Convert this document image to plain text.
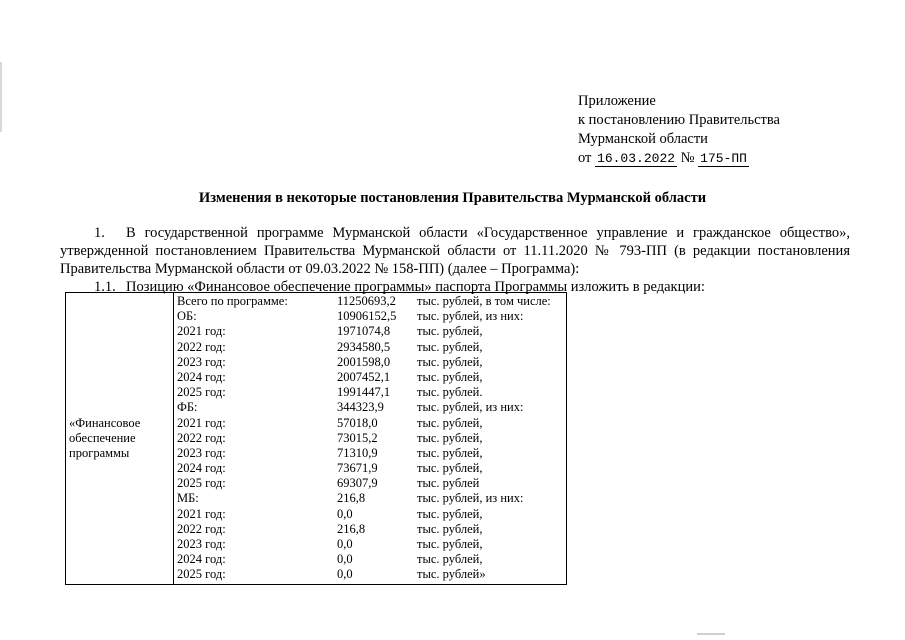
Приложение
к постановлению Правительства
Мурманской области
от 16.03.2022 № 175-ПП
Изменения в некоторые постановления Правительства Мурманской области
1. В государственной программе Мурманской области «Государственное управление и гражданское общество»,
утвержденной постановлением Правительства Мурманской области от 11.11.2020 № 793-ПП (в редакции постановления
Правительства Мурманской области от 09.03.2022 № 158-ПП) (далее – Программа):
1.1. Позицию «Финансовое обеспечение программы» паспорта Программы изложить в редакции:
«Финансовое
обеспечение
программы

Всего по программе:	11250693,2	тыс. рублей, в том числе:
ОБ:	10906152,5	тыс. рублей, из них:
2021 год:	1971074,8	тыс. рублей,
2022 год:	2934580,5	тыс. рублей,
2023 год:	2001598,0	тыс. рублей,
2024 год:	2007452,1	тыс. рублей,
2025 год:	1991447,1	тыс. рублей.
ФБ:	344323,9	тыс. рублей, из них:
2021 год:	57018,0	тыс. рублей,
2022 год:	73015,2	тыс. рублей,
2023 год:	71310,9	тыс. рублей,
2024 год:	73671,9	тыс. рублей,
2025 год:	69307,9	тыс. рублей
МБ:	216,8	тыс. рублей, из них:
2021 год:	0,0	тыс. рублей,
2022 год:	216,8	тыс. рублей,
2023 год:	0,0	тыс. рублей,
2024 год:	0,0	тыс. рублей,
2025 год:	0,0	тыс. рублей»
